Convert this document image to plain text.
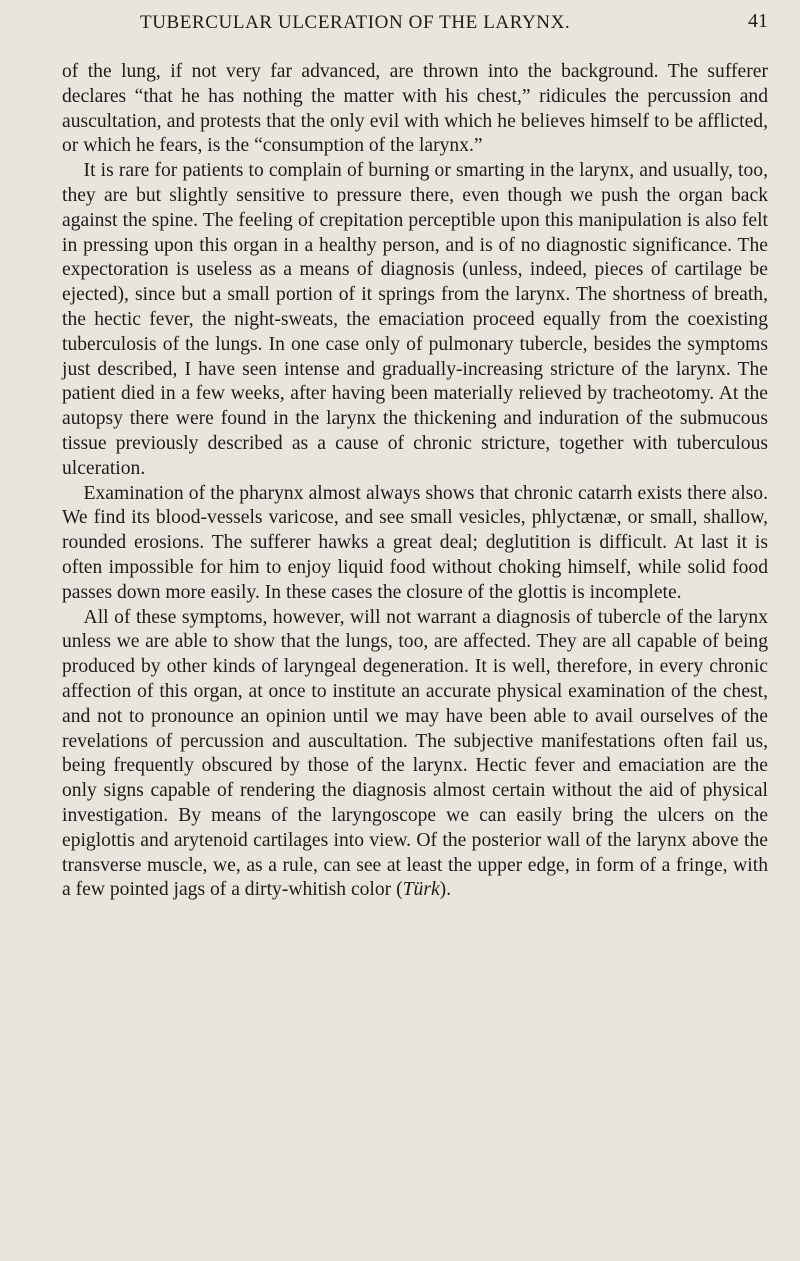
TUBERCULAR ULCERATION OF THE LARYNX.	41

of the lung, if not very far advanced, are thrown into the background. The sufferer declares “that he has nothing the matter with his chest,” ridicules the percussion and auscultation, and protests that the only evil with which he believes himself to be afflicted, or which he fears, is the “consumption of the larynx.”

It is rare for patients to complain of burning or smarting in the larynx, and usually, too, they are but slightly sensitive to pressure there, even though we push the organ back against the spine. The feeling of crepitation perceptible upon this manipulation is also felt in pressing upon this organ in a healthy person, and is of no diagnostic significance. The expectoration is useless as a means of diagnosis (unless, indeed, pieces of cartilage be ejected), since but a small portion of it springs from the larynx. The shortness of breath, the hectic fever, the night-sweats, the emaciation proceed equally from the coexisting tuberculosis of the lungs. In one case only of pulmonary tubercle, besides the symptoms just described, I have seen intense and gradually-increasing stricture of the larynx. The patient died in a few weeks, after having been materially relieved by tracheotomy. At the autopsy there were found in the larynx the thickening and induration of the submucous tissue previously described as a cause of chronic stricture, together with tuberculous ulceration.

Examination of the pharynx almost always shows that chronic catarrh exists there also. We find its blood-vessels varicose, and see small vesicles, phlyctænæ, or small, shallow, rounded erosions. The sufferer hawks a great deal; deglutition is difficult. At last it is often impossible for him to enjoy liquid food without choking himself, while solid food passes down more easily. In these cases the closure of the glottis is incomplete.

All of these symptoms, however, will not warrant a diagnosis of tubercle of the larynx unless we are able to show that the lungs, too, are affected. They are all capable of being produced by other kinds of laryngeal degeneration. It is well, therefore, in every chronic affection of this organ, at once to institute an accurate physical examination of the chest, and not to pronounce an opinion until we may have been able to avail ourselves of the revelations of percussion and auscultation. The subjective manifestations often fail us, being frequently obscured by those of the larynx. Hectic fever and emaciation are the only signs capable of rendering the diagnosis almost certain without the aid of physical investigation. By means of the laryngoscope we can easily bring the ulcers on the epiglottis and arytenoid cartilages into view. Of the posterior wall of the larynx above the transverse muscle, we, as a rule, can see at least the upper edge, in form of a fringe, with a few pointed jags of a dirty-whitish color (Türk).
